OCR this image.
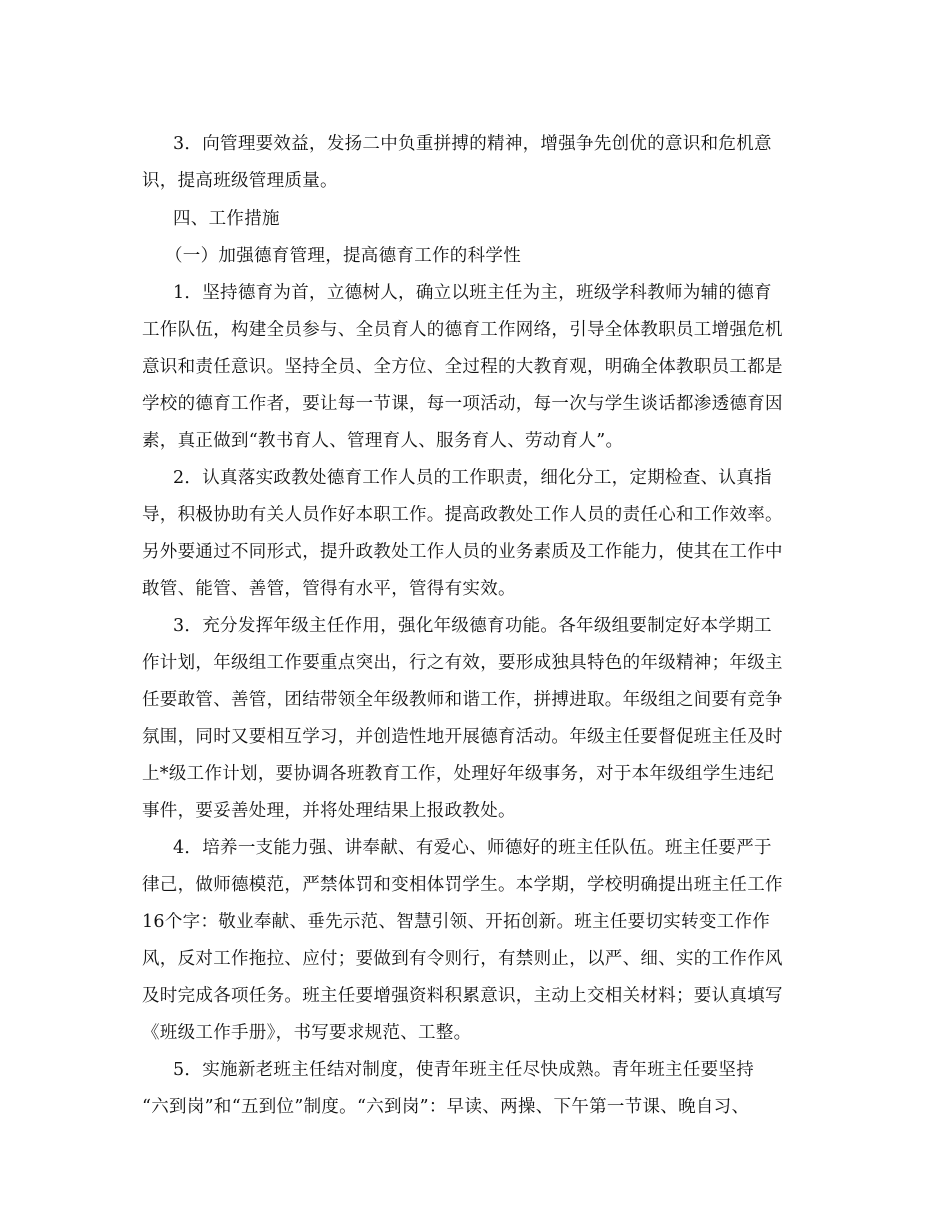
3．向管理要效益，发扬二中负重拼搏的精神，增强争先创优的意识和危机意
识，提高班级管理质量。
四、工作措施
（一）加强德育管理，提高德育工作的科学性
1．坚持德育为首，立德树人，确立以班主任为主，班级学科教师为辅的德育
工作队伍，构建全员参与、全员育人的德育工作网络，引导全体教职员工增强危机
意识和责任意识。坚持全员、全方位、全过程的大教育观，明确全体教职员工都是
学校的德育工作者，要让每一节课，每一项活动，每一次与学生谈话都渗透德育因
素，真正做到“教书育人、管理育人、服务育人、劳动育人”。
2．认真落实政教处德育工作人员的工作职责，细化分工，定期检查、认真指
导，积极协助有关人员作好本职工作。提高政教处工作人员的责任心和工作效率。
另外要通过不同形式，提升政教处工作人员的业务素质及工作能力，使其在工作中
敢管、能管、善管，管得有水平，管得有实效。
3．充分发挥年级主任作用，强化年级德育功能。各年级组要制定好本学期工
作计划，年级组工作要重点突出，行之有效，要形成独具特色的年级精神；年级主
任要敢管、善管，团结带领全年级教师和谐工作，拼搏进取。年级组之间要有竞争
氛围，同时又要相互学习，并创造性地开展德育活动。年级主任要督促班主任及时
上*级工作计划，要协调各班教育工作，处理好年级事务，对于本年级组学生违纪
事件，要妥善处理，并将处理结果上报政教处。
4．培养一支能力强、讲奉献、有爱心、师德好的班主任队伍。班主任要严于
律己，做师德模范，严禁体罚和变相体罚学生。本学期，学校明确提出班主任工作
16个字：敬业奉献、垂先示范、智慧引领、开拓创新。班主任要切实转变工作作
风，反对工作拖拉、应付；要做到有令则行，有禁则止，以严、细、实的工作作风
及时完成各项任务。班主任要增强资料积累意识，主动上交相关材料；要认真填写
《班级工作手册》，书写要求规范、工整。
5．实施新老班主任结对制度，使青年班主任尽快成熟。青年班主任要坚持
“六到岗”和“五到位”制度。“六到岗”：早读、两操、下午第一节课、晚自习、
